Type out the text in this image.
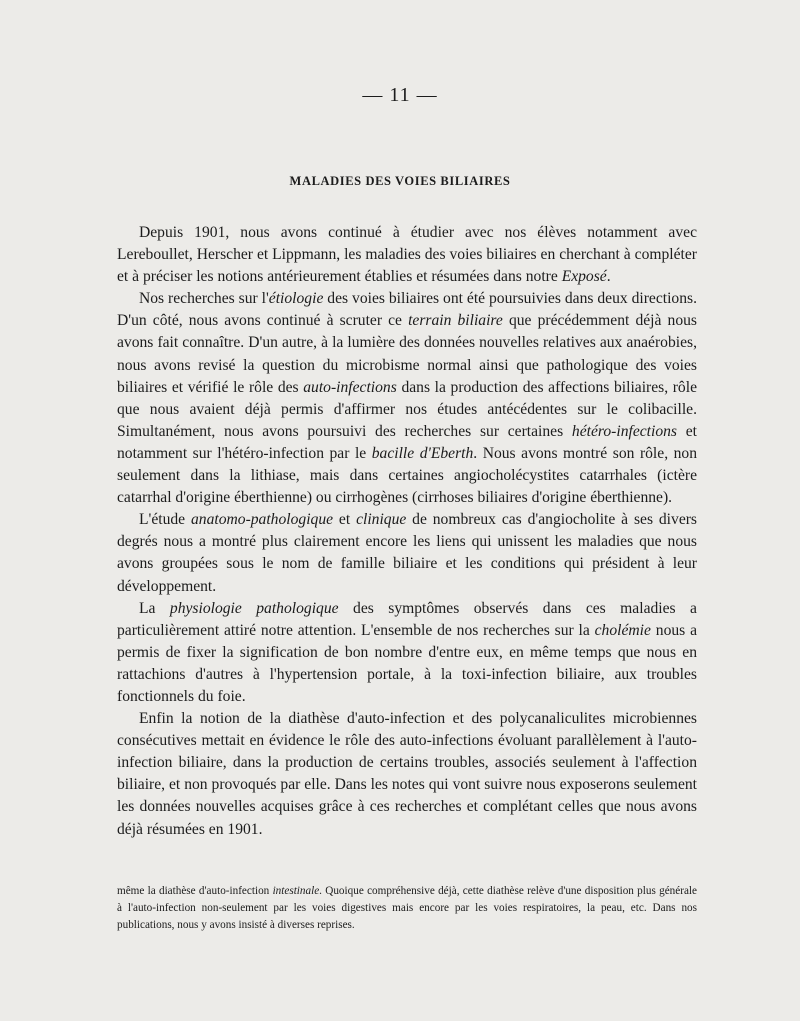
— 11 —
MALADIES DES VOIES BILIAIRES

Depuis 1901, nous avons continué à étudier avec nos élèves notamment avec Lereboullet, Herscher et Lippmann, les maladies des voies biliaires en cherchant à compléter et à préciser les notions antérieurement établies et résumées dans notre Exposé.

Nos recherches sur l'étiologie des voies biliaires ont été poursuivies dans deux directions. D'un côté, nous avons continué à scruter ce terrain biliaire que précédemment déjà nous avons fait connaître. D'un autre, à la lumière des données nouvelles relatives aux anaérobies, nous avons revisé la question du microbisme normal ainsi que pathologique des voies biliaires et vérifié le rôle des auto-infections dans la production des affections biliaires, rôle que nous avaient déjà permis d'affirmer nos études antécédentes sur le colibacille. Simultanément, nous avons poursuivi des recherches sur certaines hétéro-infections et notamment sur l'hétéro-infection par le bacille d'Eberth. Nous avons montré son rôle, non seulement dans la lithiase, mais dans certaines angiocholécystites catarrhales (ictère catarrhal d'origine éberthienne) ou cirrhogènes (cirrhoses biliaires d'origine éberthienne).

L'étude anatomo-pathologique et clinique de nombreux cas d'angiocholite à ses divers degrés nous a montré plus clairement encore les liens qui unissent les maladies que nous avons groupées sous le nom de famille biliaire et les conditions qui président à leur développement.

La physiologie pathologique des symptômes observés dans ces maladies a particulièrement attiré notre attention. L'ensemble de nos recherches sur la cholémie nous a permis de fixer la signification de bon nombre d'entre eux, en même temps que nous en rattachions d'autres à l'hypertension portale, à la toxi-infection biliaire, aux troubles fonctionnels du foie.

Enfin la notion de la diathèse d'auto-infection et des polycanaliculites microbiennes consécutives mettait en évidence le rôle des auto-infections évoluant parallèlement à l'auto-infection biliaire, dans la production de certains troubles, associés seulement à l'affection biliaire, et non provoqués par elle. Dans les notes qui vont suivre nous exposerons seulement les données nouvelles acquises grâce à ces recherches et complétant celles que nous avons déjà résumées en 1901.

même la diathèse d'auto-infection intestinale. Quoique compréhensive déjà, cette diathèse relève d'une disposition plus générale à l'auto-infection non-seulement par les voies digestives mais encore par les voies respiratoires, la peau, etc. Dans nos publications, nous y avons insisté à diverses reprises.
